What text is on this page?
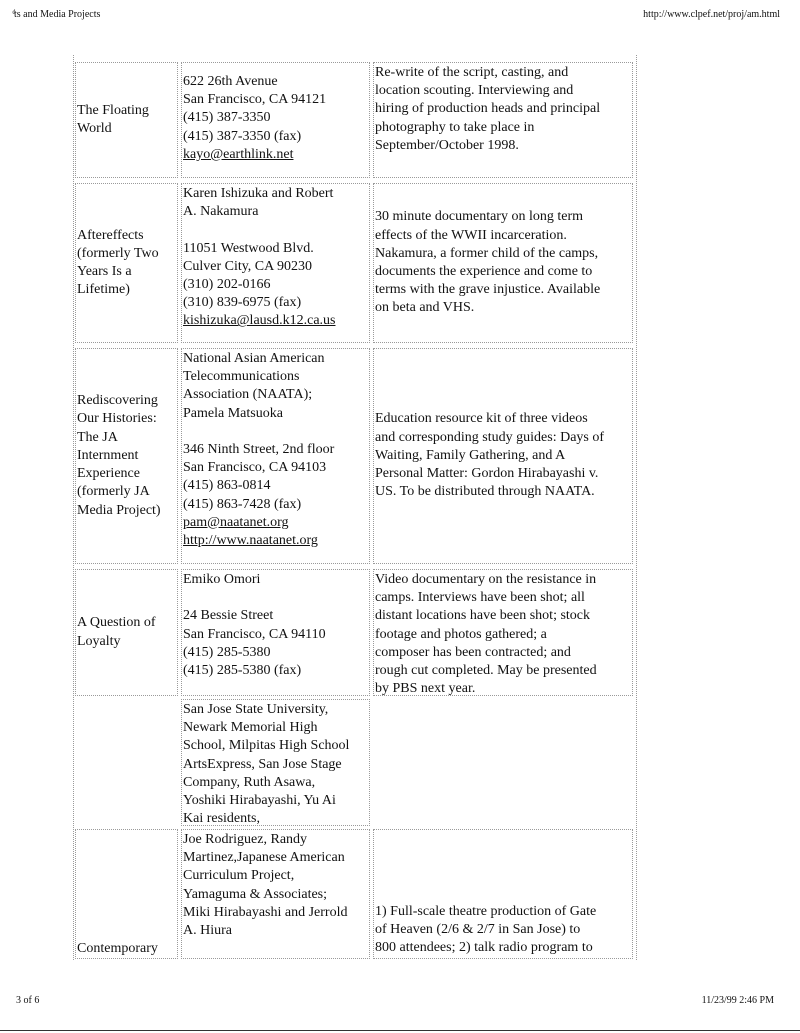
ͩts and Media Projects	http://www.clpef.net/proj/am.html
The Floating
World
622 26th Avenue
San Francisco, CA 94121
(415) 387-3350
(415) 387-3350 (fax)
kayo@earthlink.net
Re-write of the script, casting, and
location scouting. Interviewing and
hiring of production heads and principal
photography to take place in
September/October 1998.
Aftereffects
(formerly Two
Years Is a
Lifetime)
Karen Ishizuka and Robert
A. Nakamura
11051 Westwood Blvd.
Culver City, CA 90230
(310) 202-0166
(310) 839-6975 (fax)
kishizuka@lausd.k12.ca.us
30 minute documentary on long term
effects of the WWII incarceration.
Nakamura, a former child of the camps,
documents the experience and come to
terms with the grave injustice. Available
on beta and VHS.
Rediscovering
Our Histories:
The JA
Internment
Experience
(formerly JA
Media Project)
National Asian American
Telecommunications
Association (NAATA);
Pamela Matsuoka
346 Ninth Street, 2nd floor
San Francisco, CA 94103
(415) 863-0814
(415) 863-7428 (fax)
pam@naatanet.org
http://www.naatanet.org
Education resource kit of three videos
and corresponding study guides: Days of
Waiting, Family Gathering, and A
Personal Matter: Gordon Hirabayashi v.
US. To be distributed through NAATA.
A Question of
Loyalty
Emiko Omori
24 Bessie Street
San Francisco, CA 94110
(415) 285-5380
(415) 285-5380 (fax)
Video documentary on the resistance in
camps. Interviews have been shot; all
distant locations have been shot; stock
footage and photos gathered; a
composer has been contracted; and
rough cut completed. May be presented
by PBS next year.
San Jose State University,
Newark Memorial High
School, Milpitas High School
ArtsExpress, San Jose Stage
Company, Ruth Asawa,
Yoshiki Hirabayashi, Yu Ai
Kai residents,
Contemporary
Joe Rodriguez, Randy
Martinez,Japanese American
Curriculum Project,
Yamaguma & Associates;
Miki Hirabayashi and Jerrold
A. Hiura
1) Full-scale theatre production of Gate
of Heaven (2/6 & 2/7 in San Jose) to
800 attendees; 2) talk radio program to
3 of 6	11/23/99 2:46 PM
